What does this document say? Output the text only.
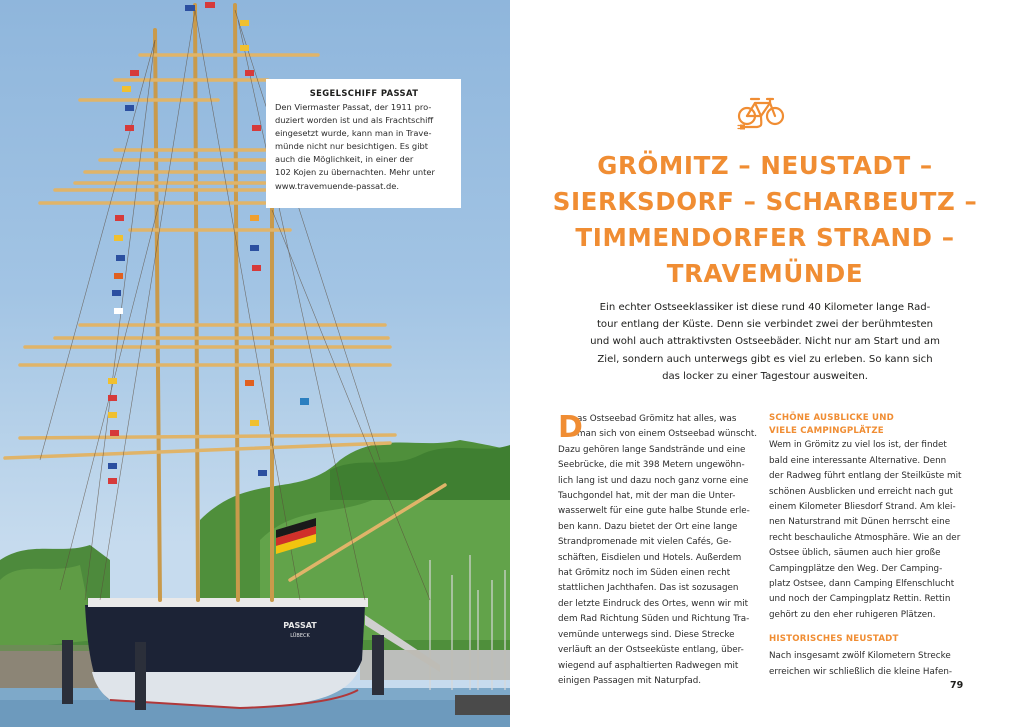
PASSAT
LÜBECK
SEGELSCHIFF PASSAT
Den Viermaster Passat, der 1911 pro-
duziert worden ist und als Frachtschiff
eingesetzt wurde, kann man in Trave-
münde nicht nur besichtigen. Es gibt
auch die Möglichkeit, in einer der
102 Kojen zu übernachten. Mehr unter
www.travemuende-passat.de.
GRÖMITZ – NEUSTADT –
SIERKSDORF – SCHARBEUTZ –
TIMMENDORFER STRAND –
TRAVEMÜNDE
Ein echter Ostseeklassiker ist diese rund 40 Kilometer lange Rad-
tour entlang der Küste. Denn sie verbindet zwei der berühmtesten
und wohl auch attraktivsten Ostseebäder. Nicht nur am Start und am
Ziel, sondern auch unterwegs gibt es viel zu erleben. So kann sich
das locker zu einer Tagestour ausweiten.
D
as Ostseebad Grömitz hat alles, was
man sich von einem Ostseebad wünscht.
Dazu gehören lange Sandstrände und eine
Seebrücke, die mit 398 Metern ungewöhn-
lich lang ist und dazu noch ganz vorne eine
Tauchgondel hat, mit der man die Unter-
wasserwelt für eine gute halbe Stunde erle-
ben kann. Dazu bietet der Ort eine lange
Strandpromenade mit vielen Cafés, Ge-
schäften, Eisdielen und Hotels. Außerdem
hat Grömitz noch im Süden einen recht
stattlichen Jachthafen. Das ist sozusagen
der letzte Eindruck des Ortes, wenn wir mit
dem Rad Richtung Süden und Richtung Tra-
vemünde unterwegs sind. Diese Strecke
verläuft an der Ostseeküste entlang, über-
wiegend auf asphaltierten Radwegen mit
einigen Passagen mit Naturpfad.
SCHÖNE AUSBLICKE UND
VIELE CAMPINGPLÄTZE
Wem in Grömitz zu viel los ist, der findet
bald eine interessante Alternative. Denn
der Radweg führt entlang der Steilküste mit
schönen Ausblicken und erreicht nach gut
einem Kilometer Bliesdorf Strand. Am klei-
nen Naturstrand mit Dünen herrscht eine
recht beschauliche Atmosphäre. Wie an der
Ostsee üblich, säumen auch hier große
Campingplätze den Weg. Der Camping-
platz Ostsee, dann Camping Elfenschlucht
und noch der Campingplatz Rettin. Rettin
gehört zu den eher ruhigeren Plätzen.
HISTORISCHES NEUSTADT
Nach insgesamt zwölf Kilometern Strecke
erreichen wir schließlich die kleine Hafen-
79
